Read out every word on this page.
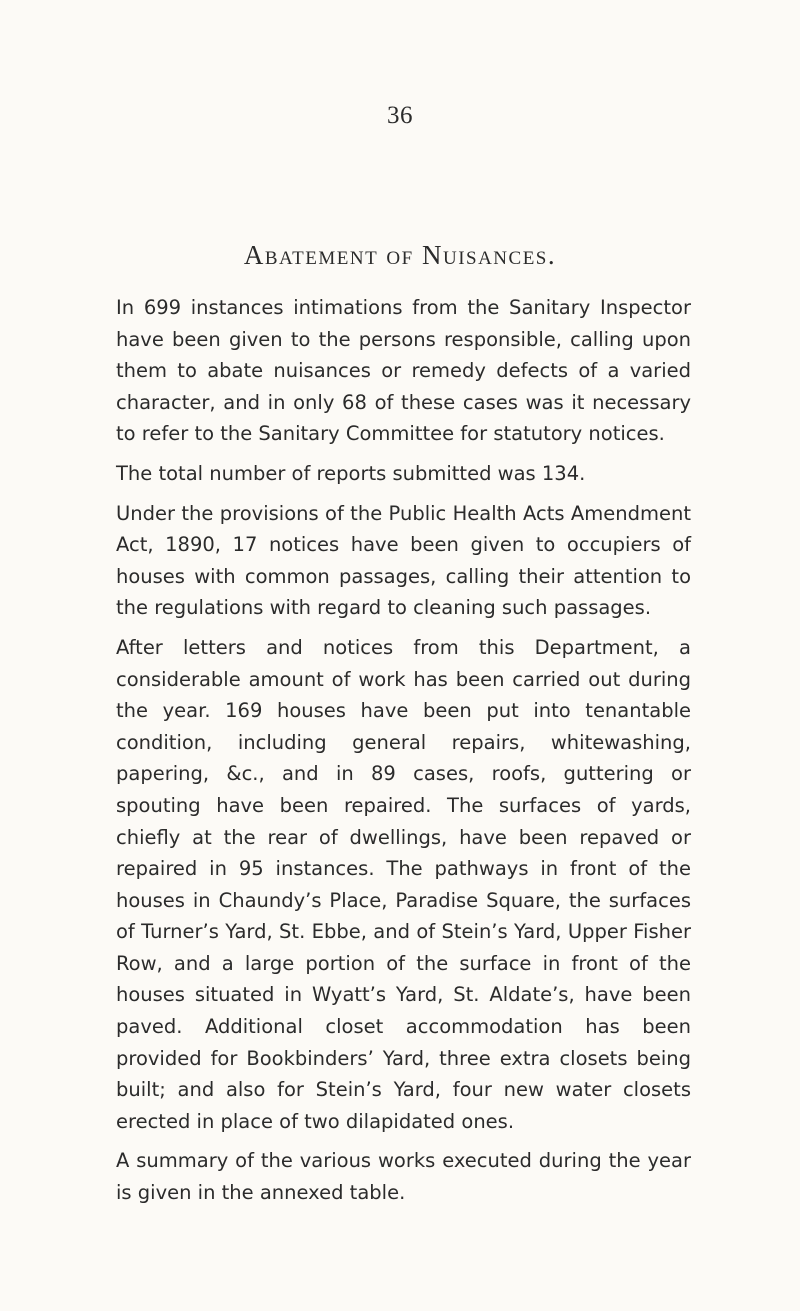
36
Abatement of Nuisances.

In 699 instances intimations from the Sanitary Inspector have been given to the persons responsible, calling upon them to abate nuisances or remedy defects of a varied character, and in only 68 of these cases was it necessary to refer to the Sanitary Committee for statutory notices.

The total number of reports submitted was 134.

Under the provisions of the Public Health Acts Amendment Act, 1890, 17 notices have been given to occupiers of houses with common passages, calling their attention to the regulations with regard to cleaning such passages.

After letters and notices from this Department, a considerable amount of work has been carried out during the year. 169 houses have been put into tenantable condition, including general repairs, whitewashing, papering, &c., and in 89 cases, roofs, guttering or spouting have been repaired. The surfaces of yards, chiefly at the rear of dwellings, have been repaved or repaired in 95 instances. The pathways in front of the houses in Chaundy’s Place, Paradise Square, the surfaces of Turner’s Yard, St. Ebbe, and of Stein’s Yard, Upper Fisher Row, and a large portion of the surface in front of the houses situated in Wyatt’s Yard, St. Aldate’s, have been paved. Additional closet accommodation has been provided for Bookbinders’ Yard, three extra closets being built; and also for Stein’s Yard, four new water closets erected in place of two dilapidated ones.

A summary of the various works executed during the year is given in the annexed table.
